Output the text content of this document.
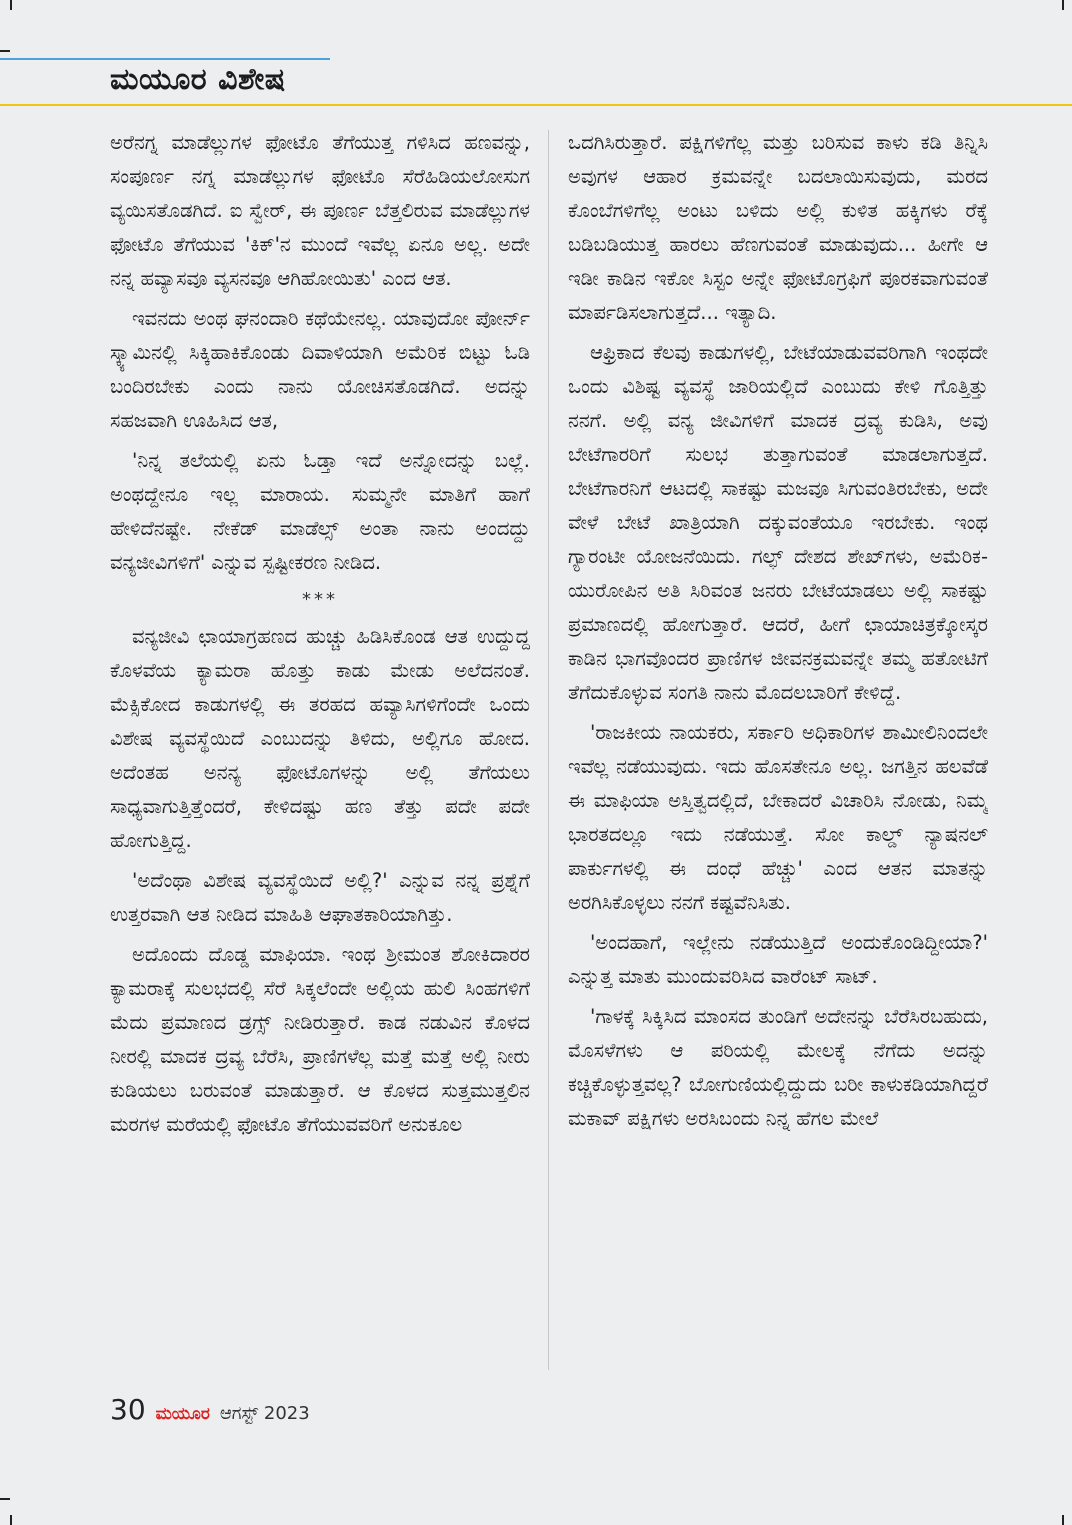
ಮಯೂರ ವಿಶೇಷ

ಅರೆನಗ್ನ ಮಾಡೆಲ್ಲುಗಳ ಫೋಟೊ ತೆಗೆಯುತ್ತ ಗಳಿಸಿದ ಹಣವನ್ನು, ಸಂಪೂರ್ಣ ನಗ್ನ ಮಾಡೆಲ್ಲುಗಳ ಫೋಟೊ ಸೆರೆಹಿಡಿಯಲೋಸುಗ ವ್ಯಯಿಸತೊಡಗಿದೆ. ಐ ಸ್ವೇರ್, ಈ ಪೂರ್ಣ ಬೆತ್ತಲಿರುವ ಮಾಡೆಲ್ಲುಗಳ ಫೋಟೊ ತೆಗೆಯುವ 'ಕಿಕ್'ನ ಮುಂದೆ ಇವೆಲ್ಲ ಏನೂ ಅಲ್ಲ. ಅದೇ ನನ್ನ ಹವ್ಯಾಸವೂ ವ್ಯಸನವೂ ಆಗಿಹೋಯಿತು' ಎಂದ ಆತ.

ಇವನದು ಅಂಥ ಘನಂದಾರಿ ಕಥೆಯೇನಲ್ಲ. ಯಾವುದೋ ಪೋರ್ನ್ ಸ್ಕ್ಯಾಮಿನಲ್ಲಿ ಸಿಕ್ಕಿಹಾಕಿಕೊಂಡು ದಿವಾಳಿಯಾಗಿ ಅಮೆರಿಕ ಬಿಟ್ಟು ಓಡಿ ಬಂದಿರಬೇಕು ಎಂದು ನಾನು ಯೋಚಿಸತೊಡಗಿದೆ. ಅದನ್ನು ಸಹಜವಾಗಿ ಊಹಿಸಿದ ಆತ,

'ನಿನ್ನ ತಲೆಯಲ್ಲಿ ಏನು ಓಡ್ತಾ ಇದೆ ಅನ್ನೋದನ್ನು ಬಲ್ಲೆ. ಅಂಥದ್ದೇನೂ ಇಲ್ಲ ಮಾರಾಯ. ಸುಮ್ಮನೇ ಮಾತಿಗೆ ಹಾಗೆ ಹೇಳಿದೆನಷ್ಟೇ. ನೇಕೆಡ್ ಮಾಡೆಲ್ಸ್ ಅಂತಾ ನಾನು ಅಂದದ್ದು ವನ್ಯಜೀವಿಗಳಿಗೆ' ಎನ್ನುವ ಸ್ಪಷ್ಟೀಕರಣ ನೀಡಿದ.

***

ವನ್ಯಜೀವಿ ಛಾಯಾಗ್ರಹಣದ ಹುಚ್ಚು ಹಿಡಿಸಿಕೊಂಡ ಆತ ಉದ್ದುದ್ದ ಕೊಳವೆಯ ಕ್ಯಾಮರಾ ಹೊತ್ತು ಕಾಡು ಮೇಡು ಅಲೆದನಂತೆ. ಮೆಕ್ಸಿಕೋದ ಕಾಡುಗಳಲ್ಲಿ ಈ ತರಹದ ಹವ್ಯಾಸಿಗಳಿಗೆಂದೇ ಒಂದು ವಿಶೇಷ ವ್ಯವಸ್ಥೆಯಿದೆ ಎಂಬುದನ್ನು ತಿಳಿದು, ಅಲ್ಲಿಗೂ ಹೋದ. ಅದೆಂತಹ ಅನನ್ಯ ಫೋಟೊಗಳನ್ನು ಅಲ್ಲಿ ತೆಗೆಯಲು ಸಾಧ್ಯವಾಗುತ್ತಿತ್ತೆಂದರೆ, ಕೇಳಿದಷ್ಟು ಹಣ ತೆತ್ತು ಪದೇ ಪದೇ ಹೋಗುತ್ತಿದ್ದ.

'ಅದೆಂಥಾ ವಿಶೇಷ ವ್ಯವಸ್ಥೆಯಿದೆ ಅಲ್ಲಿ?' ಎನ್ನುವ ನನ್ನ ಪ್ರಶ್ನೆಗೆ ಉತ್ತರವಾಗಿ ಆತ ನೀಡಿದ ಮಾಹಿತಿ ಆಘಾತಕಾರಿಯಾಗಿತ್ತು.

ಅದೊಂದು ದೊಡ್ಡ ಮಾಫಿಯಾ. ಇಂಥ ಶ್ರೀಮಂತ ಶೋಕಿದಾರರ ಕ್ಯಾಮರಾಕ್ಕೆ ಸುಲಭದಲ್ಲಿ ಸೆರೆ ಸಿಕ್ಕಲೆಂದೇ ಅಲ್ಲಿಯ ಹುಲಿ ಸಿಂಹಗಳಿಗೆ ಮೆದು ಪ್ರಮಾಣದ ಡ್ರಗ್ಸ್ ನೀಡಿರುತ್ತಾರೆ. ಕಾಡ ನಡುವಿನ ಕೊಳದ ನೀರಲ್ಲಿ ಮಾದಕ ದ್ರವ್ಯ ಬೆರೆಸಿ, ಪ್ರಾಣಿಗಳೆಲ್ಲ ಮತ್ತೆ ಮತ್ತೆ ಅಲ್ಲಿ ನೀರು ಕುಡಿಯಲು ಬರುವಂತೆ ಮಾಡುತ್ತಾರೆ. ಆ ಕೊಳದ ಸುತ್ತಮುತ್ತಲಿನ ಮರಗಳ ಮರೆಯಲ್ಲಿ ಫೋಟೊ ತೆಗೆಯುವವರಿಗೆ ಅನುಕೂಲ

ಒದಗಿಸಿರುತ್ತಾರೆ. ಪಕ್ಷಿಗಳಿಗೆಲ್ಲ ಮತ್ತು ಬರಿಸುವ ಕಾಳು ಕಡಿ ತಿನ್ನಿಸಿ ಅವುಗಳ ಆಹಾರ ಕ್ರಮವನ್ನೇ ಬದಲಾಯಿಸುವುದು, ಮರದ ಕೊಂಬೆಗಳಿಗೆಲ್ಲ ಅಂಟು ಬಳಿದು ಅಲ್ಲಿ ಕುಳಿತ ಹಕ್ಕಿಗಳು ರೆಕ್ಕೆ ಬಡಿಬಡಿಯುತ್ತ ಹಾರಲು ಹೆಣಗುವಂತೆ ಮಾಡುವುದು... ಹೀಗೇ ಆ ಇಡೀ ಕಾಡಿನ ಇಕೋ ಸಿಸ್ಟಂ ಅನ್ನೇ ಫೋಟೊಗ್ರಫಿಗೆ ಪೂರಕವಾಗುವಂತೆ ಮಾರ್ಪಡಿಸಲಾಗುತ್ತದೆ... ಇತ್ಯಾದಿ.

ಆಫ್ರಿಕಾದ ಕೆಲವು ಕಾಡುಗಳಲ್ಲಿ, ಬೇಟೆಯಾಡುವವರಿಗಾಗಿ ಇಂಥದೇ ಒಂದು ವಿಶಿಷ್ಟ ವ್ಯವಸ್ಥೆ ಜಾರಿಯಲ್ಲಿದೆ ಎಂಬುದು ಕೇಳಿ ಗೊತ್ತಿತ್ತು ನನಗೆ. ಅಲ್ಲಿ ವನ್ಯ ಜೀವಿಗಳಿಗೆ ಮಾದಕ ದ್ರವ್ಯ ಕುಡಿಸಿ, ಅವು ಬೇಟೆಗಾರರಿಗೆ ಸುಲಭ ತುತ್ತಾಗುವಂತೆ ಮಾಡಲಾಗುತ್ತದೆ. ಬೇಟೆಗಾರನಿಗೆ ಆಟದಲ್ಲಿ ಸಾಕಷ್ಟು ಮಜವೂ ಸಿಗುವಂತಿರಬೇಕು, ಅದೇ ವೇಳೆ ಬೇಟೆ ಖಾತ್ರಿಯಾಗಿ ದಕ್ಕುವಂತೆಯೂ ಇರಬೇಕು. ಇಂಥ ಗ್ಯಾರಂಟೀ ಯೋಜನೆಯಿದು. ಗಲ್ಫ್ ದೇಶದ ಶೇಖ್‌ಗಳು, ಅಮೆರಿಕ-ಯುರೋಪಿನ ಅತಿ ಸಿರಿವಂತ ಜನರು ಬೇಟೆಯಾಡಲು ಅಲ್ಲಿ ಸಾಕಷ್ಟು ಪ್ರಮಾಣದಲ್ಲಿ ಹೋಗುತ್ತಾರೆ. ಆದರೆ, ಹೀಗೆ ಛಾಯಾಚಿತ್ರಕ್ಕೋಸ್ಕರ ಕಾಡಿನ ಭಾಗವೊಂದರ ಪ್ರಾಣಿಗಳ ಜೀವನಕ್ರಮವನ್ನೇ ತಮ್ಮ ಹತೋಟಿಗೆ ತೆಗೆದುಕೊಳ್ಳುವ ಸಂಗತಿ ನಾನು ಮೊದಲಬಾರಿಗೆ ಕೇಳಿದ್ದೆ.

'ರಾಜಕೀಯ ನಾಯಕರು, ಸರ್ಕಾರಿ ಅಧಿಕಾರಿಗಳ ಶಾಮೀಲಿನಿಂದಲೇ ಇವೆಲ್ಲ ನಡೆಯುವುದು. ಇದು ಹೊಸತೇನೂ ಅಲ್ಲ. ಜಗತ್ತಿನ ಹಲವೆಡೆ ಈ ಮಾಫಿಯಾ ಅಸ್ತಿತ್ವದಲ್ಲಿದೆ, ಬೇಕಾದರೆ ವಿಚಾರಿಸಿ ನೋಡು, ನಿಮ್ಮ ಭಾರತದಲ್ಲೂ ಇದು ನಡೆಯುತ್ತೆ. ಸೋ ಕಾಲ್ಡ್ ನ್ಯಾಷನಲ್ ಪಾರ್ಕುಗಳಲ್ಲಿ ಈ ದಂಧೆ ಹೆಚ್ಚು' ಎಂದ ಆತನ ಮಾತನ್ನು ಅರಗಿಸಿಕೊಳ್ಳಲು ನನಗೆ ಕಷ್ಟವೆನಿಸಿತು.

'ಅಂದಹಾಗೆ, ಇಲ್ಲೇನು ನಡೆಯುತ್ತಿದೆ ಅಂದುಕೊಂಡಿದ್ದೀಯಾ?' ಎನ್ನುತ್ತ ಮಾತು ಮುಂದುವರಿಸಿದ ವಾರೆಂಟ್ ಸಾಟ್.

'ಗಾಳಕ್ಕೆ ಸಿಕ್ಕಿಸಿದ ಮಾಂಸದ ತುಂಡಿಗೆ ಅದೇನನ್ನು ಬೆರೆಸಿರಬಹುದು, ಮೊಸಳೆಗಳು ಆ ಪರಿಯಲ್ಲಿ ಮೇಲಕ್ಕೆ ನೆಗೆದು ಅದನ್ನು ಕಚ್ಚಿಕೊಳ್ಳುತ್ತವಲ್ಲ? ಬೋಗುಣಿಯಲ್ಲಿದ್ದುದು ಬರೀ ಕಾಳುಕಡಿಯಾಗಿದ್ದರೆ ಮಕಾವ್ ಪಕ್ಷಿಗಳು ಅರಸಿಬಂದು ನಿನ್ನ ಹೆಗಲ ಮೇಲೆ

30 ಮಯೂರ ಆಗಸ್ಟ್ 2023
